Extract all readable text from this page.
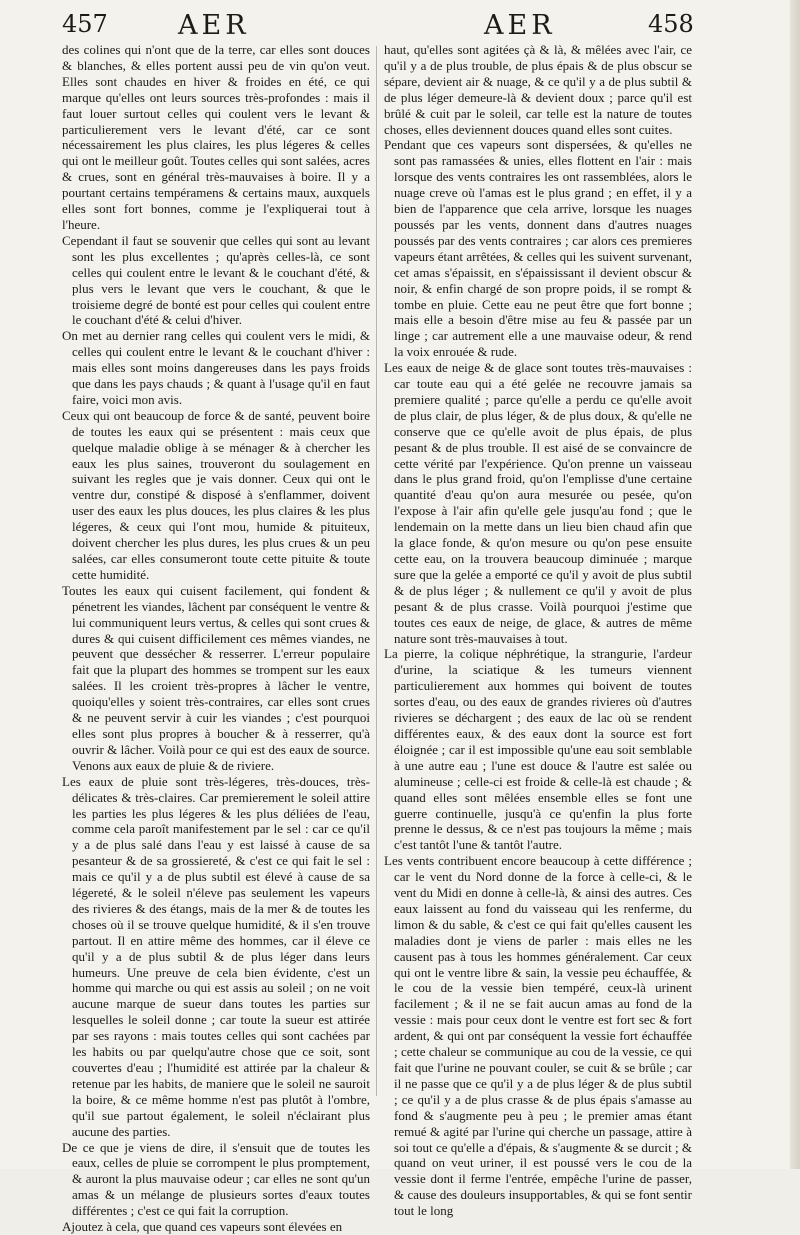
457	AER	AER	458

des colines qui n'ont que de la terre, car elles sont douces & blanches, & elles portent aussi peu de vin qu'on veut. Elles sont chaudes en hiver & froides en été, ce qui marque qu'elles ont leurs sources très-profondes : mais il faut louer surtout celles qui coulent vers le levant & particulierement vers le levant d'été, car ce sont nécessairement les plus claires, les plus légeres & celles qui ont le meilleur goût. Toutes celles qui sont salées, acres & crues, sont en général très-mauvaises à boire. Il y a pourtant certains tempéramens & certains maux, auxquels elles sont fort bonnes, comme je l'expliquerai tout à l'heure.

Cependant il faut se souvenir que celles qui sont au levant sont les plus excellentes ; qu'après celles-là, ce sont celles qui coulent entre le levant & le couchant d'été, & plus vers le levant que vers le couchant, & que le troisieme degré de bonté est pour celles qui coulent entre le couchant d'été & celui d'hiver.

On met au dernier rang celles qui coulent vers le midi, & celles qui coulent entre le levant & le couchant d'hiver : mais elles sont moins dangereuses dans les pays froids que dans les pays chauds ; & quant à l'usage qu'il en faut faire, voici mon avis.

Ceux qui ont beaucoup de force & de santé, peuvent boire de toutes les eaux qui se présentent : mais ceux que quelque maladie oblige à se ménager & à chercher les eaux les plus saines, trouveront du soulagement en suivant les regles que je vais donner. Ceux qui ont le ventre dur, constipé & disposé à s'enflammer, doivent user des eaux les plus douces, les plus claires & les plus légeres, & ceux qui l'ont mou, humide & pituiteux, doivent chercher les plus dures, les plus crues & un peu salées, car elles consumeront toute cette pituite & toute cette humidité.

Toutes les eaux qui cuisent facilement, qui fondent & pénetrent les viandes, lâchent par conséquent le ventre & lui communiquent leurs vertus, & celles qui sont crues & dures & qui cuisent difficilement ces mêmes viandes, ne peuvent que dessécher & resserrer. L'erreur populaire fait que la plupart des hommes se trompent sur les eaux salées. Il les croient très-propres à lâcher le ventre, quoiqu'elles y soient très-contraires, car elles sont crues & ne peuvent servir à cuir les viandes ; c'est pourquoi elles sont plus propres à boucher & à resserrer, qu'à ouvrir & lâcher. Voilà pour ce qui est des eaux de source. Venons aux eaux de pluie & de riviere.

Les eaux de pluie sont très-légeres, très-douces, très-délicates & très-claires. Car premierement le soleil attire les parties les plus légeres & les plus déliées de l'eau, comme cela paroît manifestement par le sel : car ce qu'il y a de plus salé dans l'eau y est laissé à cause de sa pesanteur & de sa grossiereté, & c'est ce qui fait le sel : mais ce qu'il y a de plus subtil est élevé à cause de sa légereté, & le soleil n'éleve pas seulement les vapeurs des rivieres & des étangs, mais de la mer & de toutes les choses où il se trouve quelque humidité, & il s'en trouve partout. Il en attire même des hommes, car il éleve ce qu'il y a de plus subtil & de plus léger dans leurs humeurs. Une preuve de cela bien évidente, c'est un homme qui marche ou qui est assis au soleil ; on ne voit aucune marque de sueur dans toutes les parties sur lesquelles le soleil donne ; car toute la sueur est attirée par ses rayons : mais toutes celles qui sont cachées par les habits ou par quelqu'autre chose que ce soit, sont couvertes d'eau ; l'humidité est attirée par la chaleur & retenue par les habits, de maniere que le soleil ne sauroit la boire, & ce même homme n'est pas plutôt à l'ombre, qu'il sue partout également, le soleil n'éclairant plus aucune des parties.

De ce que je viens de dire, il s'ensuit que de toutes les eaux, celles de pluie se corrompent le plus promptement, & auront la plus mauvaise odeur ; car elles ne sont qu'un amas & un mélange de plusieurs sortes d'eaux toutes différentes ; c'est ce qui fait la corruption.

Ajoutez à cela, que quand ces vapeurs sont élevées en

haut, qu'elles sont agitées çà & là, & mêlées avec l'air, ce qu'il y a de plus trouble, de plus épais & de plus obscur se sépare, devient air & nuage, & ce qu'il y a de plus subtil & de plus léger demeure-là & devient doux ; parce qu'il est brûlé & cuit par le soleil, car telle est la nature de toutes choses, elles deviennent douces quand elles sont cuites.

Pendant que ces vapeurs sont dispersées, & qu'elles ne sont pas ramassées & unies, elles flottent en l'air : mais lorsque des vents contraires les ont rassemblées, alors le nuage creve où l'amas est le plus grand ; en effet, il y a bien de l'apparence que cela arrive, lorsque les nuages poussés par les vents, donnent dans d'autres nuages poussés par des vents contraires ; car alors ces premieres vapeurs étant arrêtées, & celles qui les suivent survenant, cet amas s'épaissit, en s'épaississant il devient obscur & noir, & enfin chargé de son propre poids, il se rompt & tombe en pluie. Cette eau ne peut être que fort bonne ; mais elle a besoin d'être mise au feu & passée par un linge ; car autrement elle a une mauvaise odeur, & rend la voix enrouée & rude.

Les eaux de neige & de glace sont toutes très-mauvaises : car toute eau qui a été gelée ne recouvre jamais sa premiere qualité ; parce qu'elle a perdu ce qu'elle avoit de plus clair, de plus léger, & de plus doux, & qu'elle ne conserve que ce qu'elle avoit de plus épais, de plus pesant & de plus trouble. Il est aisé de se convaincre de cette vérité par l'expérience. Qu'on prenne un vaisseau dans le plus grand froid, qu'on l'emplisse d'une certaine quantité d'eau qu'on aura mesurée ou pesée, qu'on l'expose à l'air afin qu'elle gele jusqu'au fond ; que le lendemain on la mette dans un lieu bien chaud afin que la glace fonde, & qu'on mesure ou qu'on pese ensuite cette eau, on la trouvera beaucoup diminuée ; marque sure que la gelée a emporté ce qu'il y avoit de plus subtil & de plus léger ; & nullement ce qu'il y avoit de plus pesant & de plus crasse. Voilà pourquoi j'estime que toutes ces eaux de neige, de glace, & autres de même nature sont très-mauvaises à tout.

La pierre, la colique néphrétique, la strangurie, l'ardeur d'urine, la sciatique & les tumeurs viennent particulierement aux hommes qui boivent de toutes sortes d'eau, ou des eaux de grandes rivieres où d'autres rivieres se déchargent ; des eaux de lac où se rendent différentes eaux, & des eaux dont la source est fort éloignée ; car il est impossible qu'une eau soit semblable à une autre eau ; l'une est douce & l'autre est salée ou alumineuse ; celle-ci est froide & celle-là est chaude ; & quand elles sont mêlées ensemble elles se font une guerre continuelle, jusqu'à ce qu'enfin la plus forte prenne le dessus, & ce n'est pas toujours la même ; mais c'est tantôt l'une & tantôt l'autre.

Les vents contribuent encore beaucoup à cette différence ; car le vent du Nord donne de la force à celle-ci, & le vent du Midi en donne à celle-là, & ainsi des autres. Ces eaux laissent au fond du vaisseau qui les renferme, du limon & du sable, & c'est ce qui fait qu'elles causent les maladies dont je viens de parler : mais elles ne les causent pas à tous les hommes généralement. Car ceux qui ont le ventre libre & sain, la vessie peu échauffée, & le cou de la vessie bien tempéré, ceux-là urinent facilement ; & il ne se fait aucun amas au fond de la vessie : mais pour ceux dont le ventre est fort sec & fort ardent, & qui ont par conséquent la vessie fort échauffée ; cette chaleur se communique au cou de la vessie, ce qui fait que l'urine ne pouvant couler, se cuit & se brûle ; car il ne passe que ce qu'il y a de plus léger & de plus subtil ; ce qu'il y a de plus crasse & de plus épais s'amasse au fond & s'augmente peu à peu ; le premier amas étant remué & agité par l'urine qui cherche un passage, attire à soi tout ce qu'elle a d'épais, & s'augmente & se durcit ; & quand on veut uriner, il est poussé vers le cou de la vessie dont il ferme l'entrée, empêche l'urine de passer, & cause des douleurs insupportables, & qui se font sentir tout le long
